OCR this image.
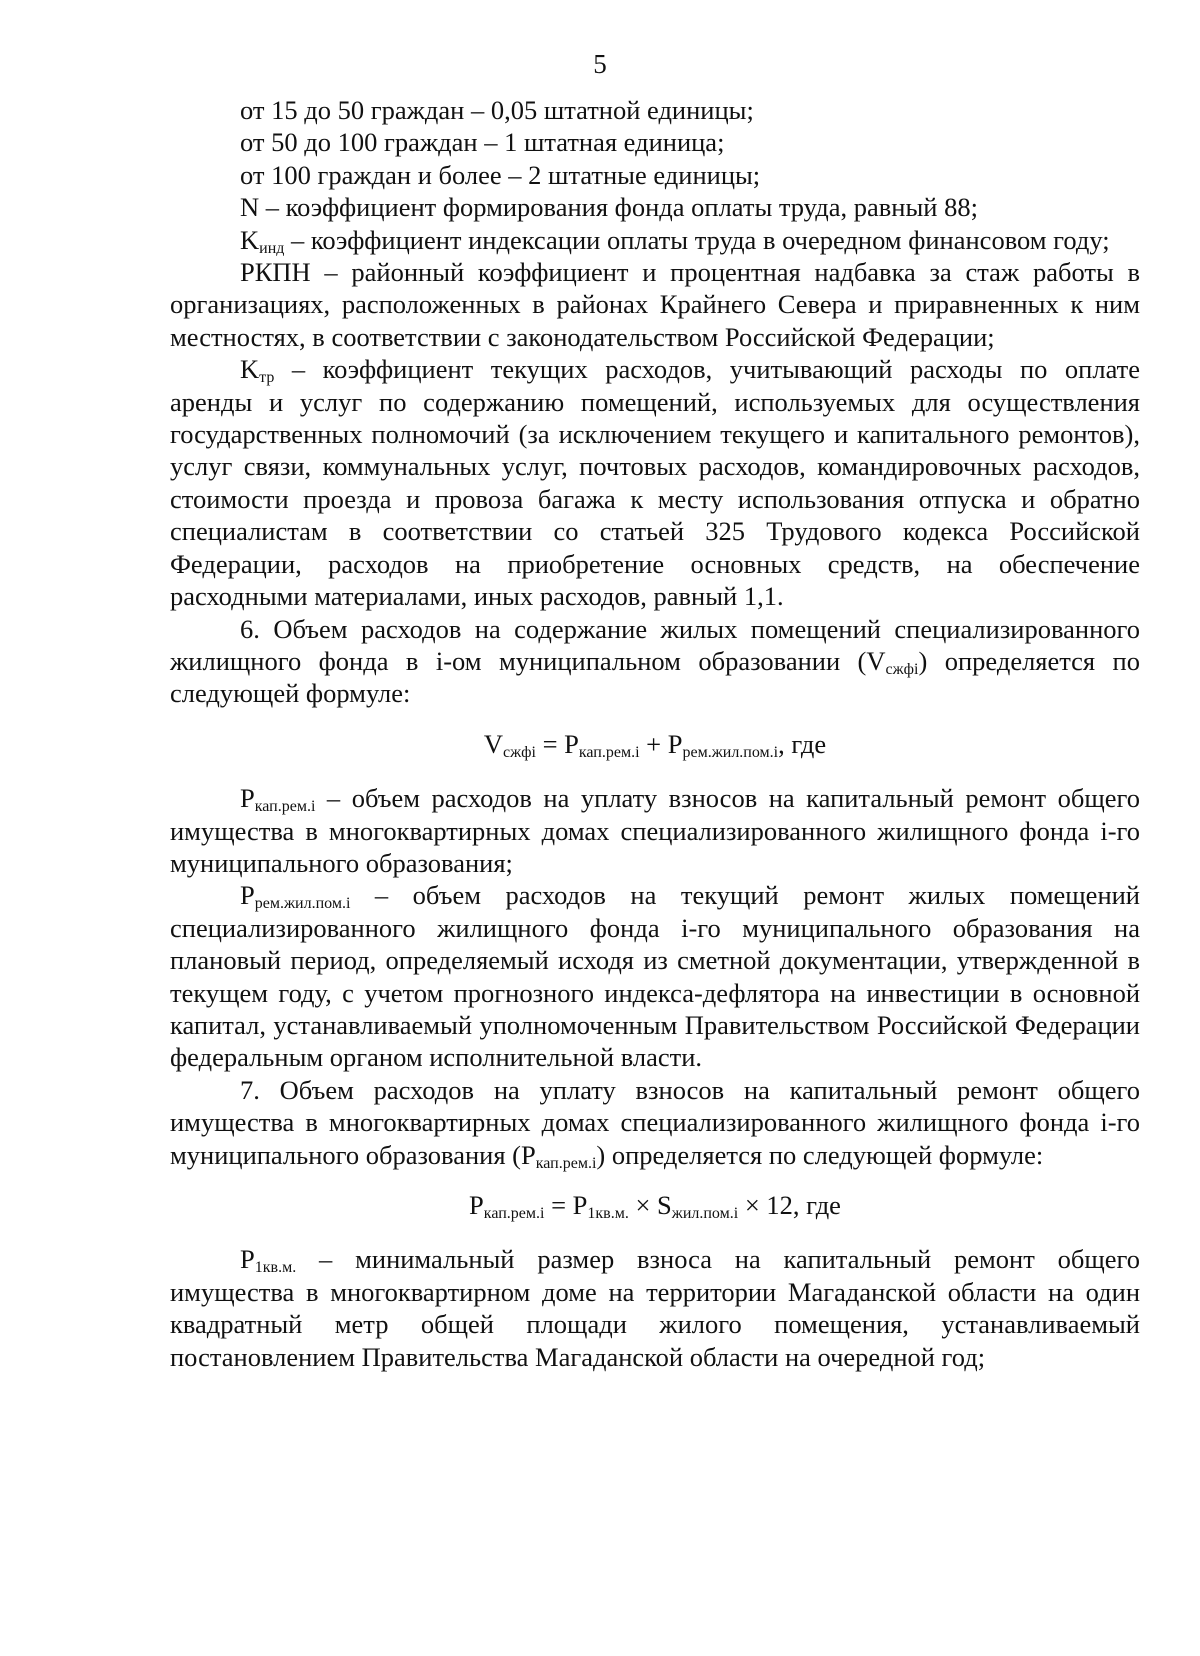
5

от 15 до 50 граждан – 0,05 штатной единицы;

от 50 до 100 граждан – 1 штатная единица;

от 100 граждан и более – 2 штатные единицы;

N – коэффициент формирования фонда оплаты труда, равный 88;

$K_{инд}$ – коэффициент индексации оплаты труда в очередном финансовом году;

РКПН – районный коэффициент и процентная надбавка за стаж работы в организациях, расположенных в районах Крайнего Севера и приравненных к ним местностях, в соответствии с законодательством Российской Федерации;

$K_{тр}$ – коэффициент текущих расходов, учитывающий расходы по оплате аренды и услуг по содержанию помещений, используемых для осуществления государственных полномочий (за исключением текущего и капитального ремонтов), услуг связи, коммунальных услуг, почтовых расходов, командировочных расходов, стоимости проезда и провоза багажа к месту использования отпуска и обратно специалистам в соответствии со статьей 325 Трудового кодекса Российской Федерации, расходов на приобретение основных средств, на обеспечение расходными материалами, иных расходов, равный 1,1.

6. Объем расходов на содержание жилых помещений специализированного жилищного фонда в i-ом муниципальном образовании $(V_{сжфi})$ определяется по следующей формуле:

$V_{сжфi} = P_{кап.рем.i} + P_{рем.жил.пом.i}$, где

$P_{кап.рем.i}$ – объем расходов на уплату взносов на капитальный ремонт общего имущества в многоквартирных домах специализированного жилищного фонда i-го муниципального образования;

$P_{рем.жил.пом.i}$ – объем расходов на текущий ремонт жилых помещений специализированного жилищного фонда i-го муниципального образования на плановый период, определяемый исходя из сметной документации, утвержденной в текущем году, с учетом прогнозного индекса-дефлятора на инвестиции в основной капитал, устанавливаемый уполномоченным Правительством Российской Федерации федеральным органом исполнительной власти.

7. Объем расходов на уплату взносов на капитальный ремонт общего имущества в многоквартирных домах специализированного жилищного фонда i-го муниципального образования $(P_{кап.рем.i})$ определяется по следующей формуле:

$P_{кап.рем.i} = P_{1кв.м.} \times S_{жил.пом.i} \times 12$, где

$P_{1кв.м.}$ – минимальный размер взноса на капитальный ремонт общего имущества в многоквартирном доме на территории Магаданской области на один квадратный метр общей площади жилого помещения, устанавливаемый постановлением Правительства Магаданской области на очередной год;
